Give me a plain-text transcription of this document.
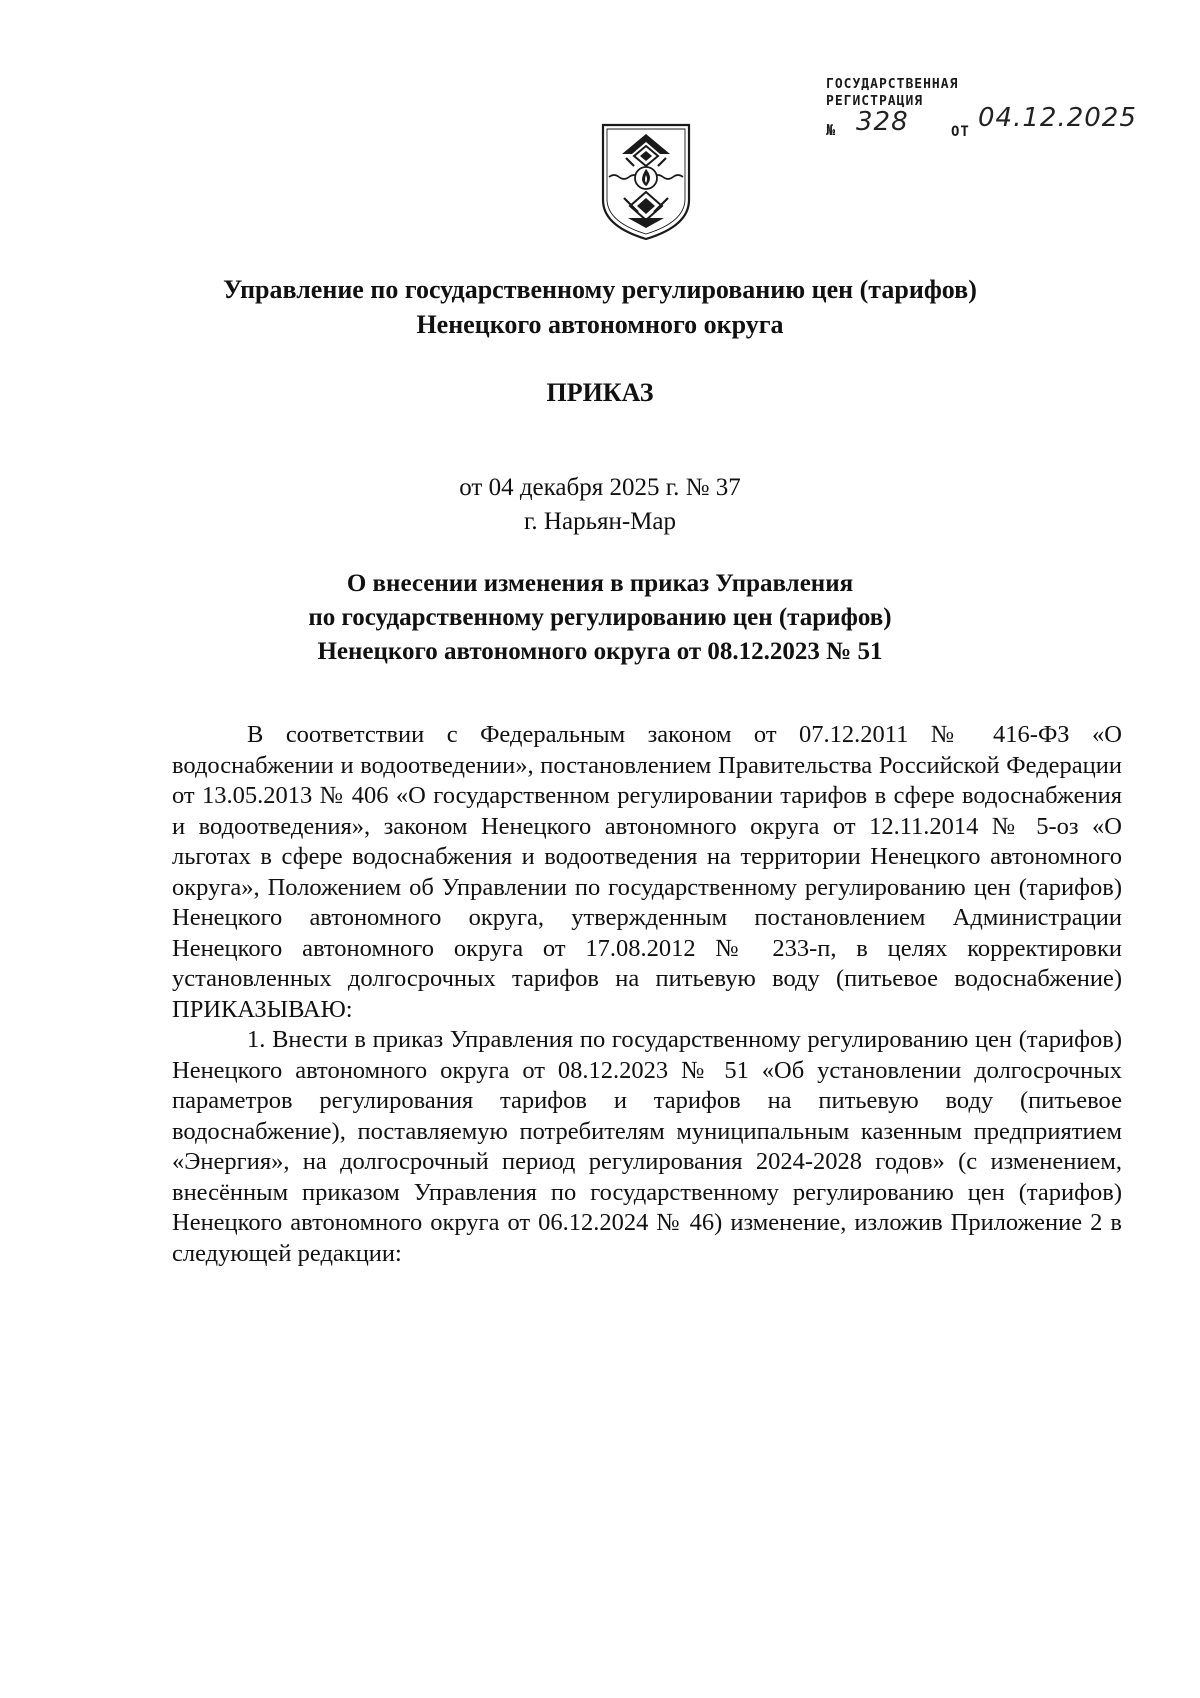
ГОСУДАРСТВЕННАЯ
РЕГИСТРАЦИЯ
№ 328	ОТ 04.12.2025
Управление по государственному регулированию цен (тарифов)
Ненецкого автономного округа
ПРИКАЗ
от 04 декабря 2025 г. № 37
г. Нарьян-Мар
О внесении изменения в приказ Управления
по государственному регулированию цен (тарифов)
Ненецкого автономного округа от 08.12.2023 № 51

В соответствии с Федеральным законом от 07.12.2011 № 416-ФЗ «О водоснабжении и водоотведении», постановлением Правительства Российской Федерации от 13.05.2013 № 406 «О государственном регулировании тарифов в сфере водоснабжения и водоотведения», законом Ненецкого автономного округа от 12.11.2014 № 5-оз «О льготах в сфере водоснабжения и водоотведения на территории Ненецкого автономного округа», Положением об Управлении по государственному регулированию цен (тарифов) Ненецкого автономного округа, утвержденным постановлением Администрации Ненецкого автономного округа от 17.08.2012 № 233-п, в целях корректировки установленных долгосрочных тарифов на питьевую воду (питьевое водоснабжение) ПРИКАЗЫВАЮ:

1. Внести в приказ Управления по государственному регулированию цен (тарифов) Ненецкого автономного округа от 08.12.2023 № 51 «Об установлении долгосрочных параметров регулирования тарифов и тарифов на питьевую воду (питьевое водоснабжение), поставляемую потребителям муниципальным казенным предприятием «Энергия», на долгосрочный период регулирования 2024-2028 годов» (с изменением, внесённым приказом Управления по государственному регулированию цен (тарифов) Ненецкого автономного округа от 06.12.2024 № 46) изменение, изложив Приложение 2 в следующей редакции:
